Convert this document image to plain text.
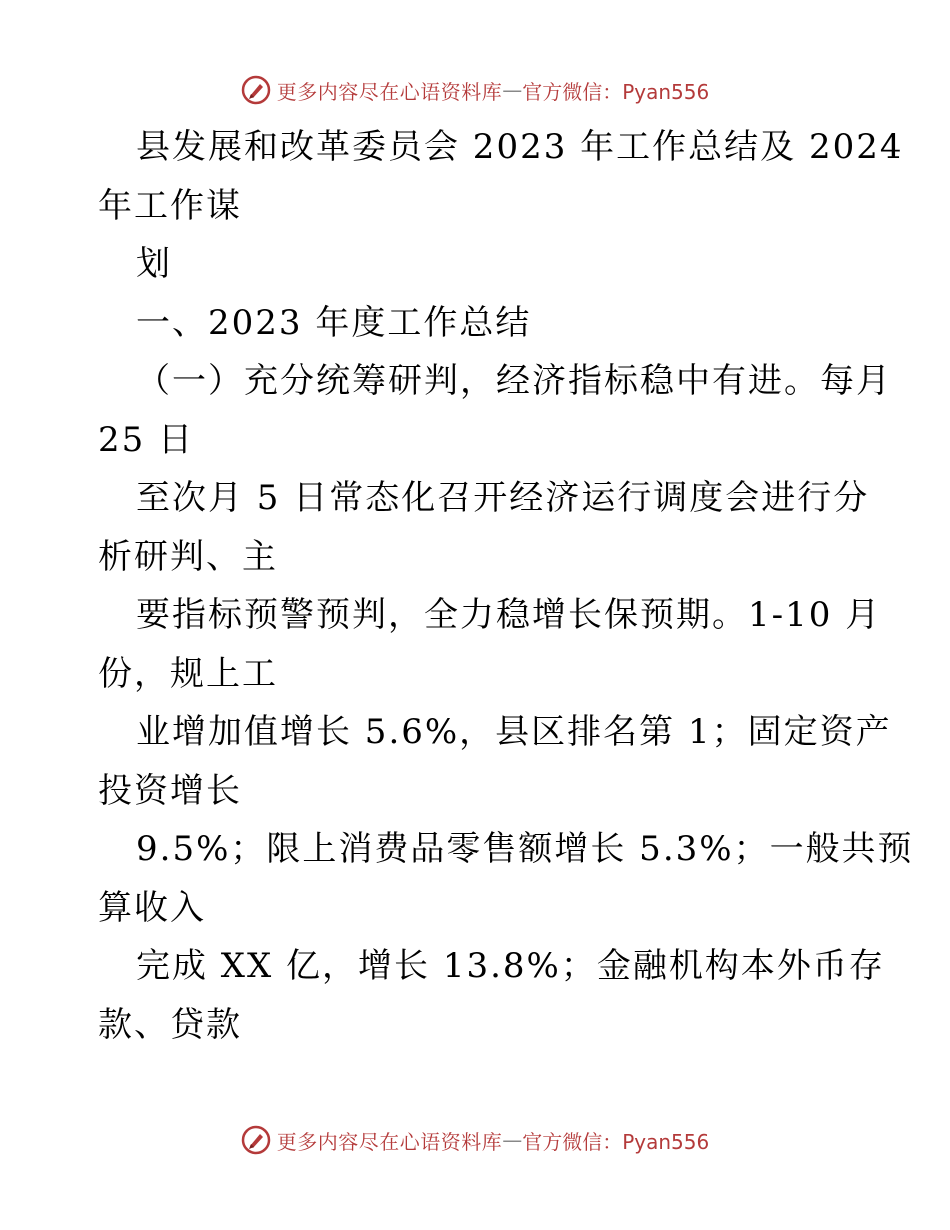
更多内容尽在心语资料库 — 官方微信：Pyan556
县发展和改革委员会 2023 年工作总结及 2024
年工作谋
划
一、2023 年度工作总结
（一）充分统筹研判，经济指标稳中有进。每月
25 日
至次月 5 日常态化召开经济运行调度会进行分
析研判、主
要指标预警预判，全力稳增长保预期。1-10 月
份，规上工
业增加值增长 5.6%，县区排名第 1；固定资产
投资增长
9.5%；限上消费品零售额增长 5.3%；一般共预
算收入
完成 XX 亿，增长 13.8%；金融机构本外币存
款、贷款
更多内容尽在心语资料库 — 官方微信：Pyan556
